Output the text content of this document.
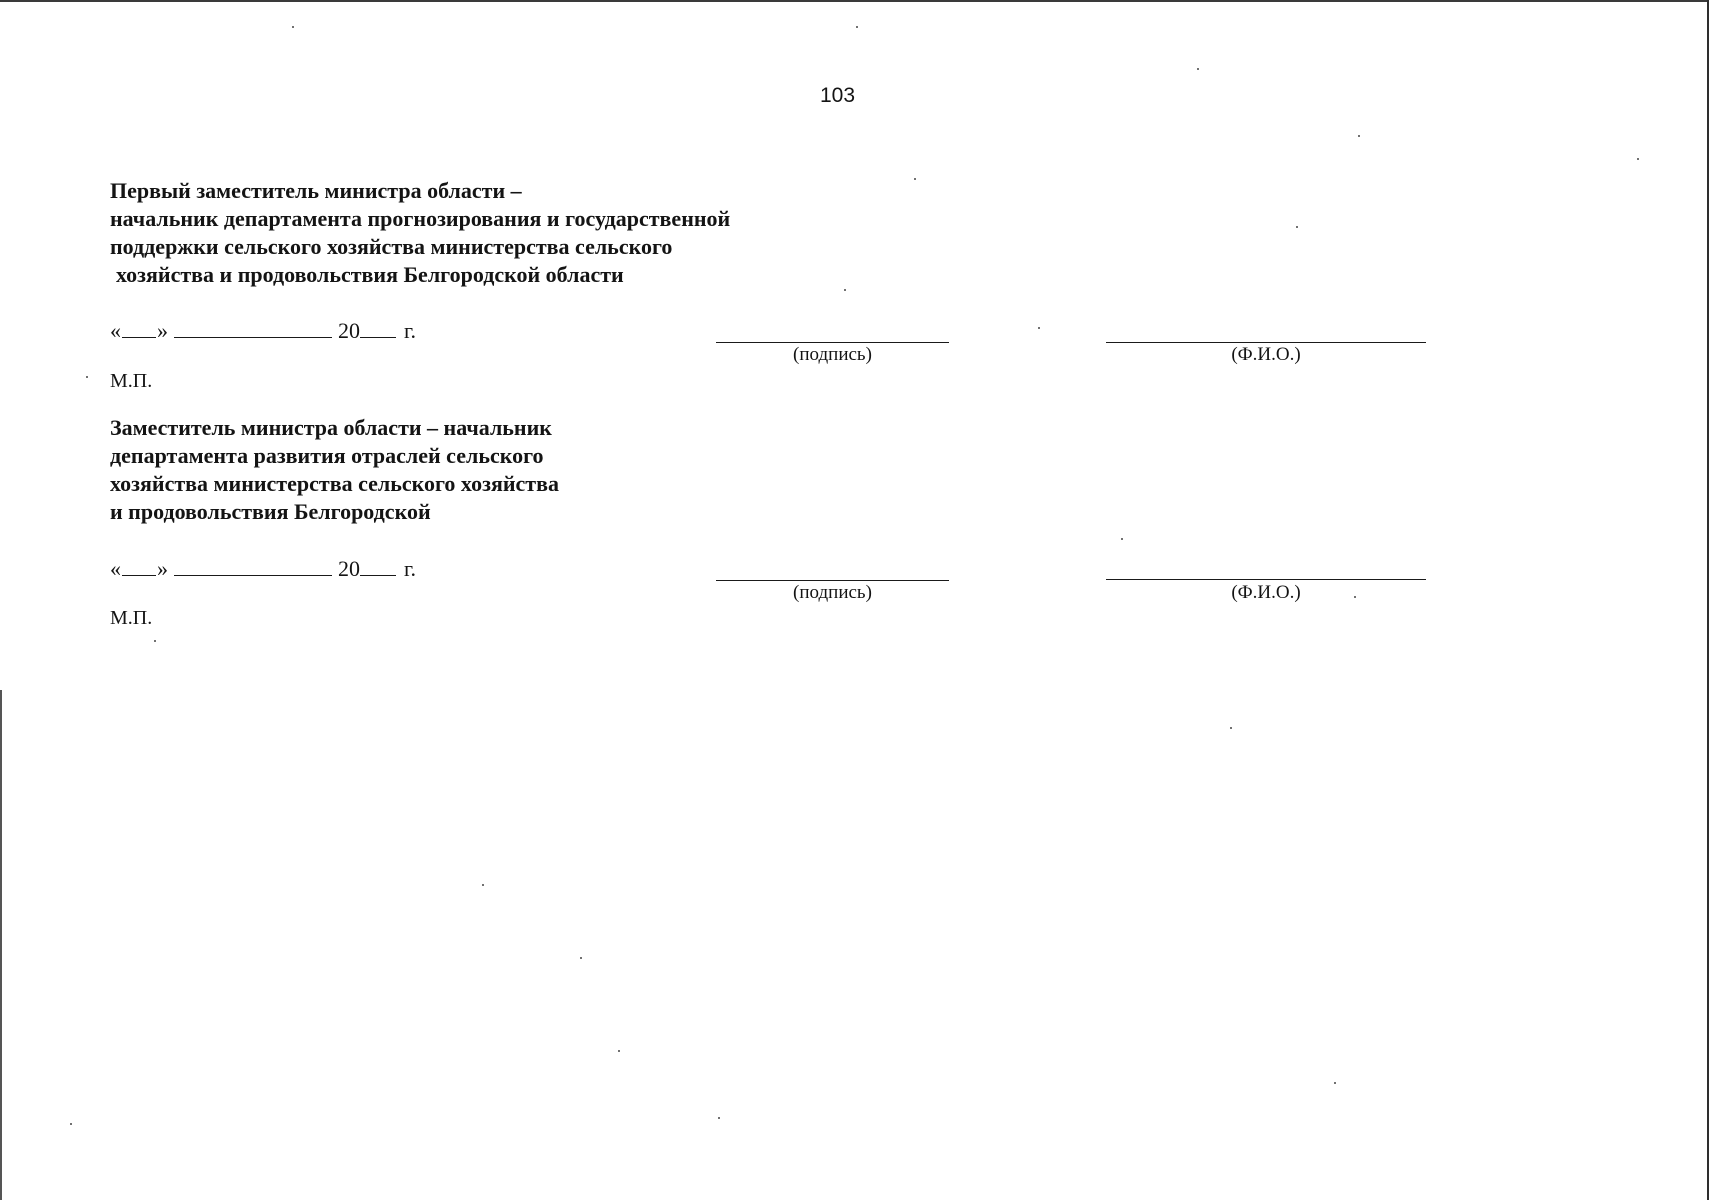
103
Первый заместитель министра области –
начальник департамента прогнозирования и государственной
поддержки сельского хозяйства министерства сельского
хозяйства и продовольствия Белгородской области
« »	20 г.
М.П.
(подпись)	(Ф.И.О.)
Заместитель министра области – начальник
департамента развития отраслей сельского
хозяйства министерства сельского хозяйства
и продовольствия Белгородской
« »	20 г.
М.П.
(подпись)	(Ф.И.О.)
